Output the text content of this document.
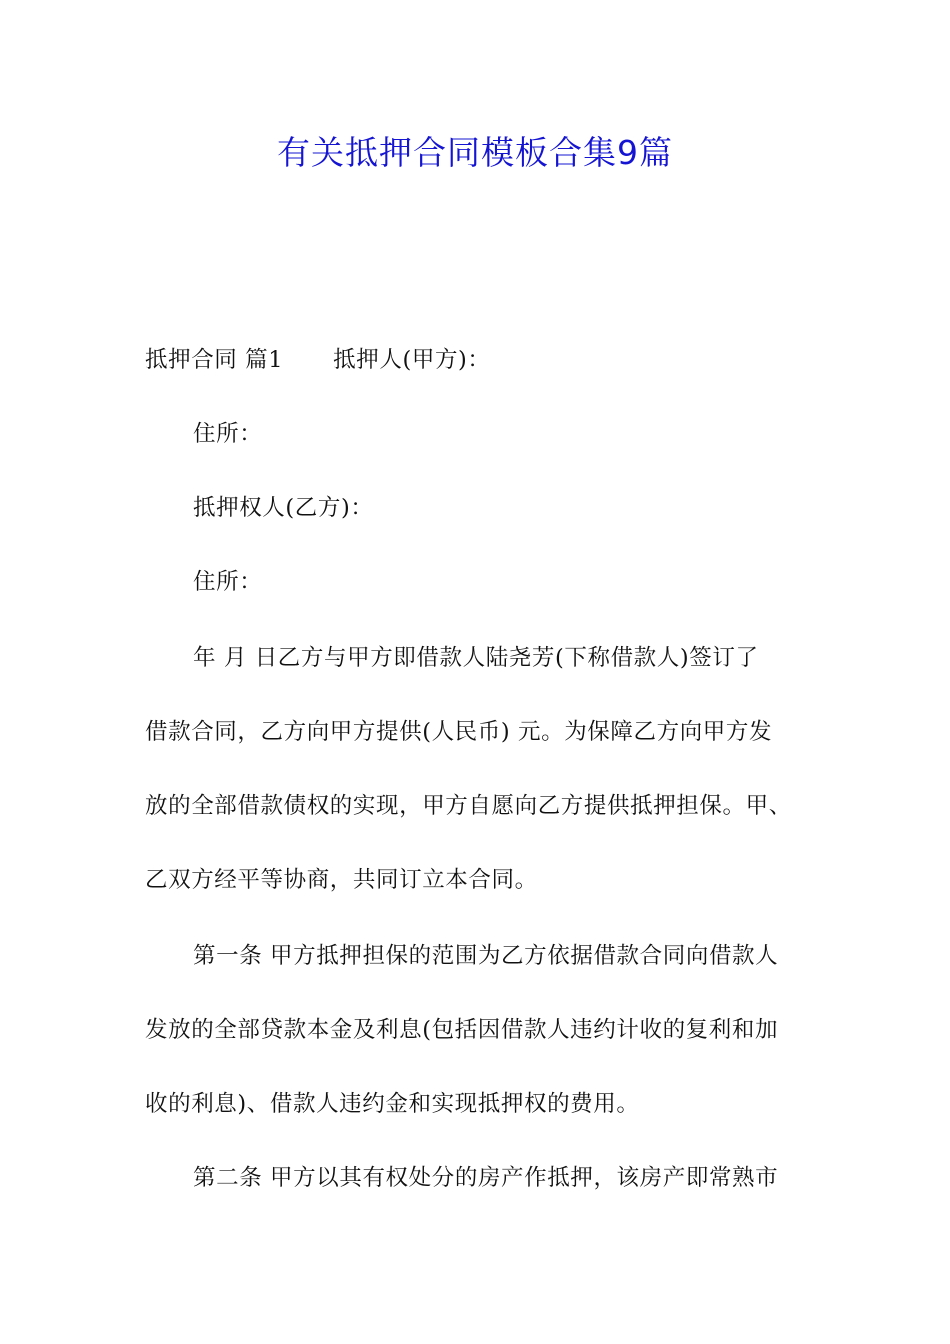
有关抵押合同模板合集9篇
抵押合同 篇1 抵押人(甲方)：
住所：
抵押权人(乙方)：
住所：
年 月 日乙方与甲方即借款人陆尧芳(下称借款人)签订了
借款合同，乙方向甲方提供(人民币) 元。为保障乙方向甲方发
放的全部借款债权的实现，甲方自愿向乙方提供抵押担保。甲、
乙双方经平等协商，共同订立本合同。
第一条 甲方抵押担保的范围为乙方依据借款合同向借款人
发放的全部贷款本金及利息(包括因借款人违约计收的复利和加
收的利息)、借款人违约金和实现抵押权的费用。
第二条 甲方以其有权处分的房产作抵押，该房产即常熟市
